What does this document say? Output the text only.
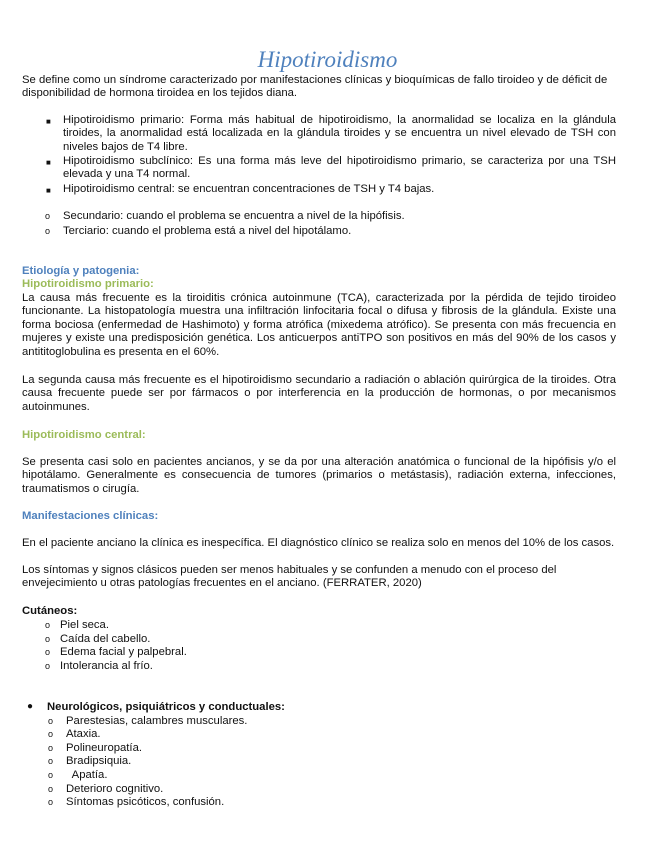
Hipotiroidismo
Se define como un síndrome caracterizado por manifestaciones clínicas y bioquímicas de fallo tiroideo y de déficit de disponibilidad de hormona tiroidea en los tejidos diana.
■ Hipotiroidismo primario: Forma más habitual de hipotiroidismo, la anormalidad se localiza en la glándula tiroides, la anormalidad está localizada en la glándula tiroides y se encuentra un nivel elevado de TSH con niveles bajos de T4 libre.
■ Hipotiroidismo subclínico: Es una forma más leve del hipotiroidismo primario, se caracteriza por una TSH elevada y una T4 normal.
■ Hipotiroidismo central: se encuentran concentraciones de TSH y T4 bajas.
o Secundario: cuando el problema se encuentra a nivel de la hipófisis.
o Terciario: cuando el problema está a nivel del hipotálamo.
Etiología y patogenia:
Hipotiroidismo primario:
La causa más frecuente es la tiroiditis crónica autoinmune (TCA), caracterizada por la pérdida de tejido tiroideo funcionante. La histopatología muestra una infiltración linfocitaria focal o difusa y fibrosis de la glándula. Existe una forma bociosa (enfermedad de Hashimoto) y forma atrófica (mixedema atrófico). Se presenta con más frecuencia en mujeres y existe una predisposición genética. Los anticuerpos antiTPO son positivos en más del 90% de los casos y antititoglobulina es presenta en el 60%.
La segunda causa más frecuente es el hipotiroidismo secundario a radiación o ablación quirúrgica de la tiroides. Otra causa frecuente puede ser por fármacos o por interferencia en la producción de hormonas, o por mecanismos autoinmunes.
Hipotiroidismo central:
Se presenta casi solo en pacientes ancianos, y se da por una alteración anatómica o funcional de la hipófisis y/o el hipotálamo. Generalmente es consecuencia de tumores (primarios o metástasis), radiación externa, infecciones, traumatismos o cirugía.
Manifestaciones clínicas:
En el paciente anciano la clínica es inespecífica. El diagnóstico clínico se realiza solo en menos del 10% de los casos.
Los síntomas y signos clásicos pueden ser menos habituales y se confunden a menudo con el proceso del envejecimiento u otras patologías frecuentes en el anciano. (FERRATER, 2020)
Cutáneos:
o Piel seca.
o Caída del cabello.
o Edema facial y palpebral.
o Intolerancia al frío.
● Neurológicos, psiquiátricos y conductuales:
o Parestesias, calambres musculares.
o Ataxia.
o Polineuropatía.
o Bradipsiquia.
o Apatía.
o Deterioro cognitivo.
o Síntomas psicóticos, confusión.
